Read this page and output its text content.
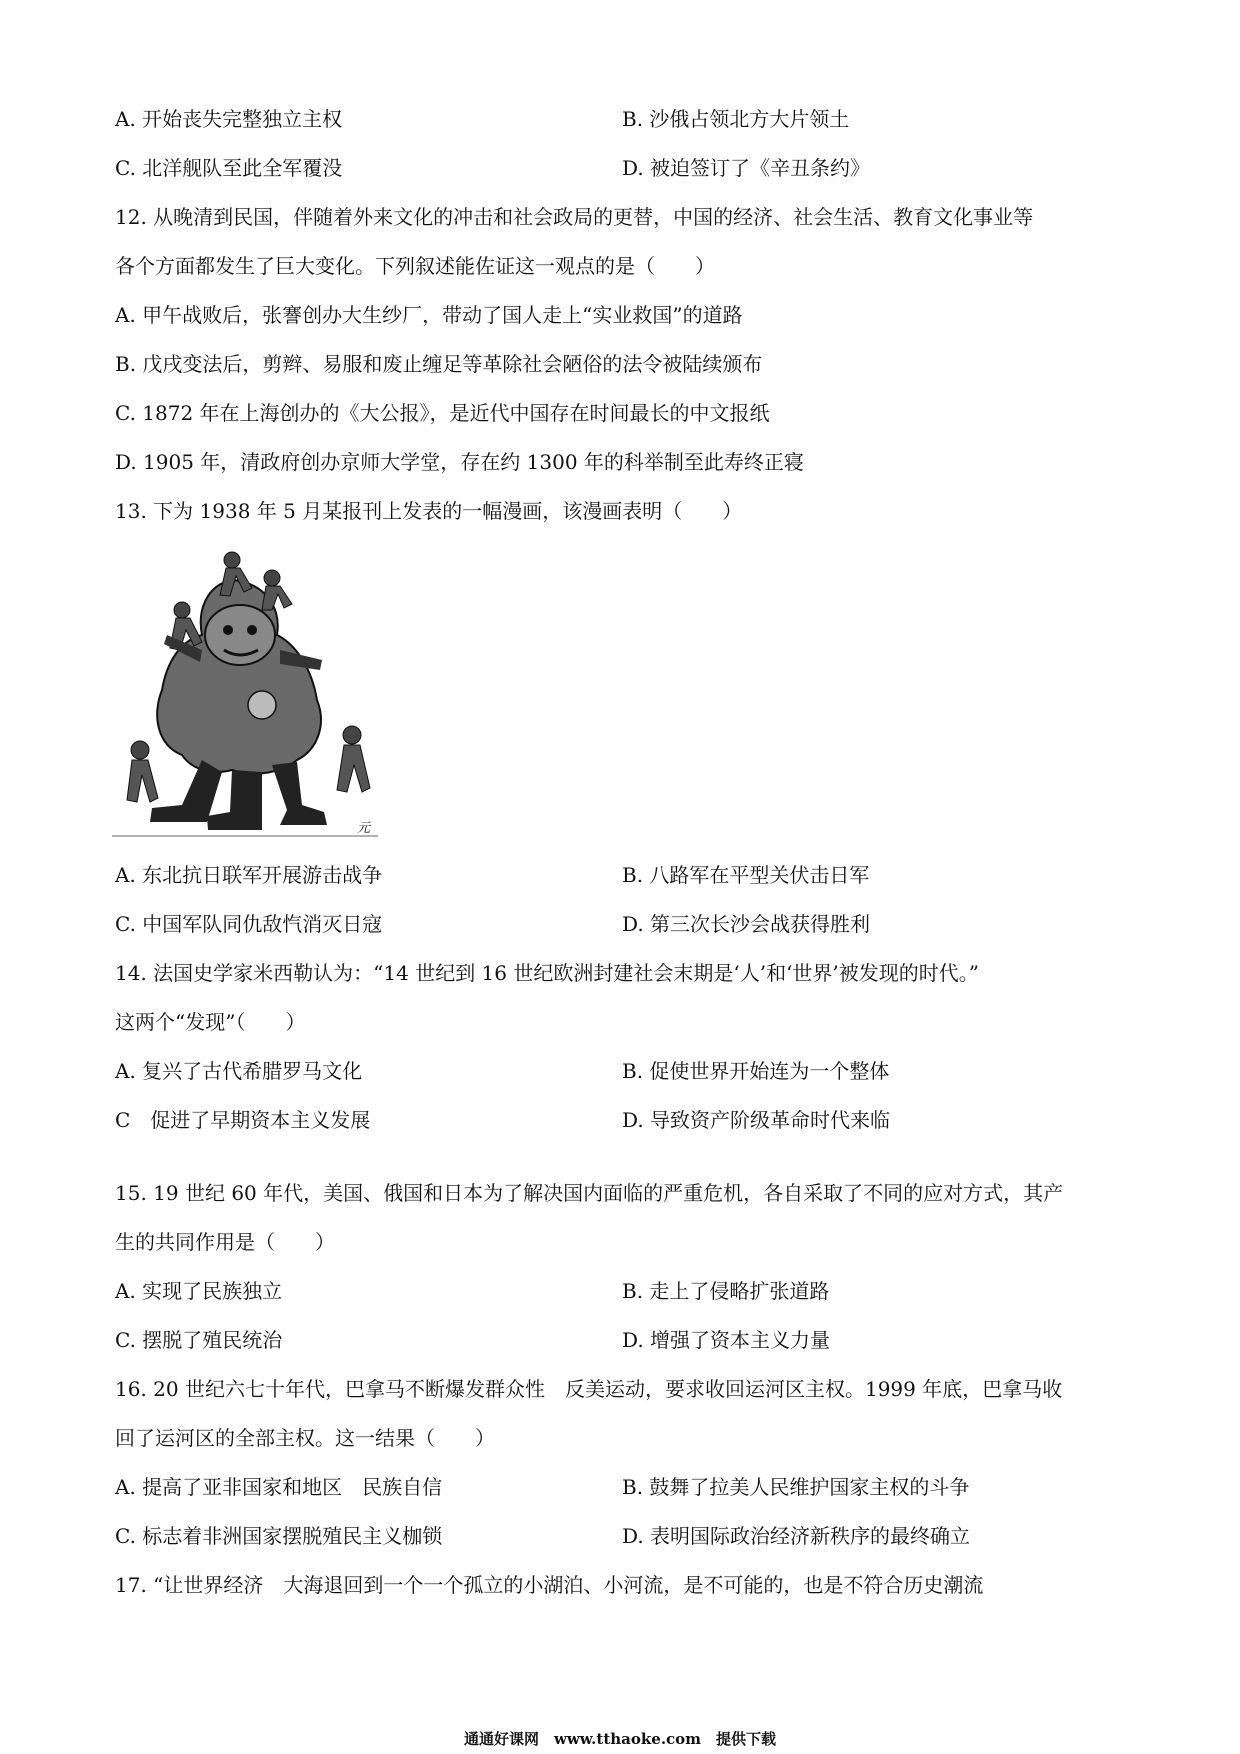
A. 开始丧失完整独立主权	B. 沙俄占领北方大片领土
C. 北洋舰队至此全军覆没	D. 被迫签订了《辛丑条约》
12. 从晚清到民国，伴随着外来文化的冲击和社会政局的更替，中国的经济、社会生活、教育文化事业等
各个方面都发生了巨大变化。下列叙述能佐证这一观点的是（　　）
A. 甲午战败后，张謇创办大生纱厂，带动了国人走上“实业救国”的道路
B. 戊戌变法后，剪辫、易服和废止缠足等革除社会陋俗的法令被陆续颁布
C. 1872 年在上海创办的《大公报》，是近代中国存在时间最长的中文报纸
D. 1905 年，清政府创办京师大学堂，存在约 1300 年的科举制至此寿终正寝
13. 下为 1938 年 5 月某报刊上发表的一幅漫画，该漫画表明（　　）
元
A. 东北抗日联军开展游击战争	B. 八路军在平型关伏击日军
C. 中国军队同仇敌忾消灭日寇	D. 第三次长沙会战获得胜利
14. 法国史学家米西勒认为：“14 世纪到 16 世纪欧洲封建社会末期是‘人’和‘世界’被发现的时代。”
这两个“发现”（　　）
A. 复兴了古代希腊罗马文化	B. 促使世界开始连为一个整体
C　促进了早期资本主义发展	D. 导致资产阶级革命时代来临
15. 19 世纪 60 年代，美国、俄国和日本为了解决国内面临的严重危机，各自采取了不同的应对方式，其产
生的共同作用是（　　）
A. 实现了民族独立	B. 走上了侵略扩张道路
C. 摆脱了殖民统治	D. 增强了资本主义力量
16. 20 世纪六七十年代，巴拿马不断爆发群众性　反美运动，要求收回运河区主权。1999 年底，巴拿马收
回了运河区的全部主权。这一结果（　　）
A. 提高了亚非国家和地区　民族自信	B. 鼓舞了拉美人民维护国家主权的斗争
C. 标志着非洲国家摆脱殖民主义枷锁	D. 表明国际政治经济新秩序的最终确立
17. “让世界经济　大海退回到一个一个孤立的小湖泊、小河流，是不可能的，也是不符合历史潮流
通通好课网　www.tthaoke.com　提供下载
